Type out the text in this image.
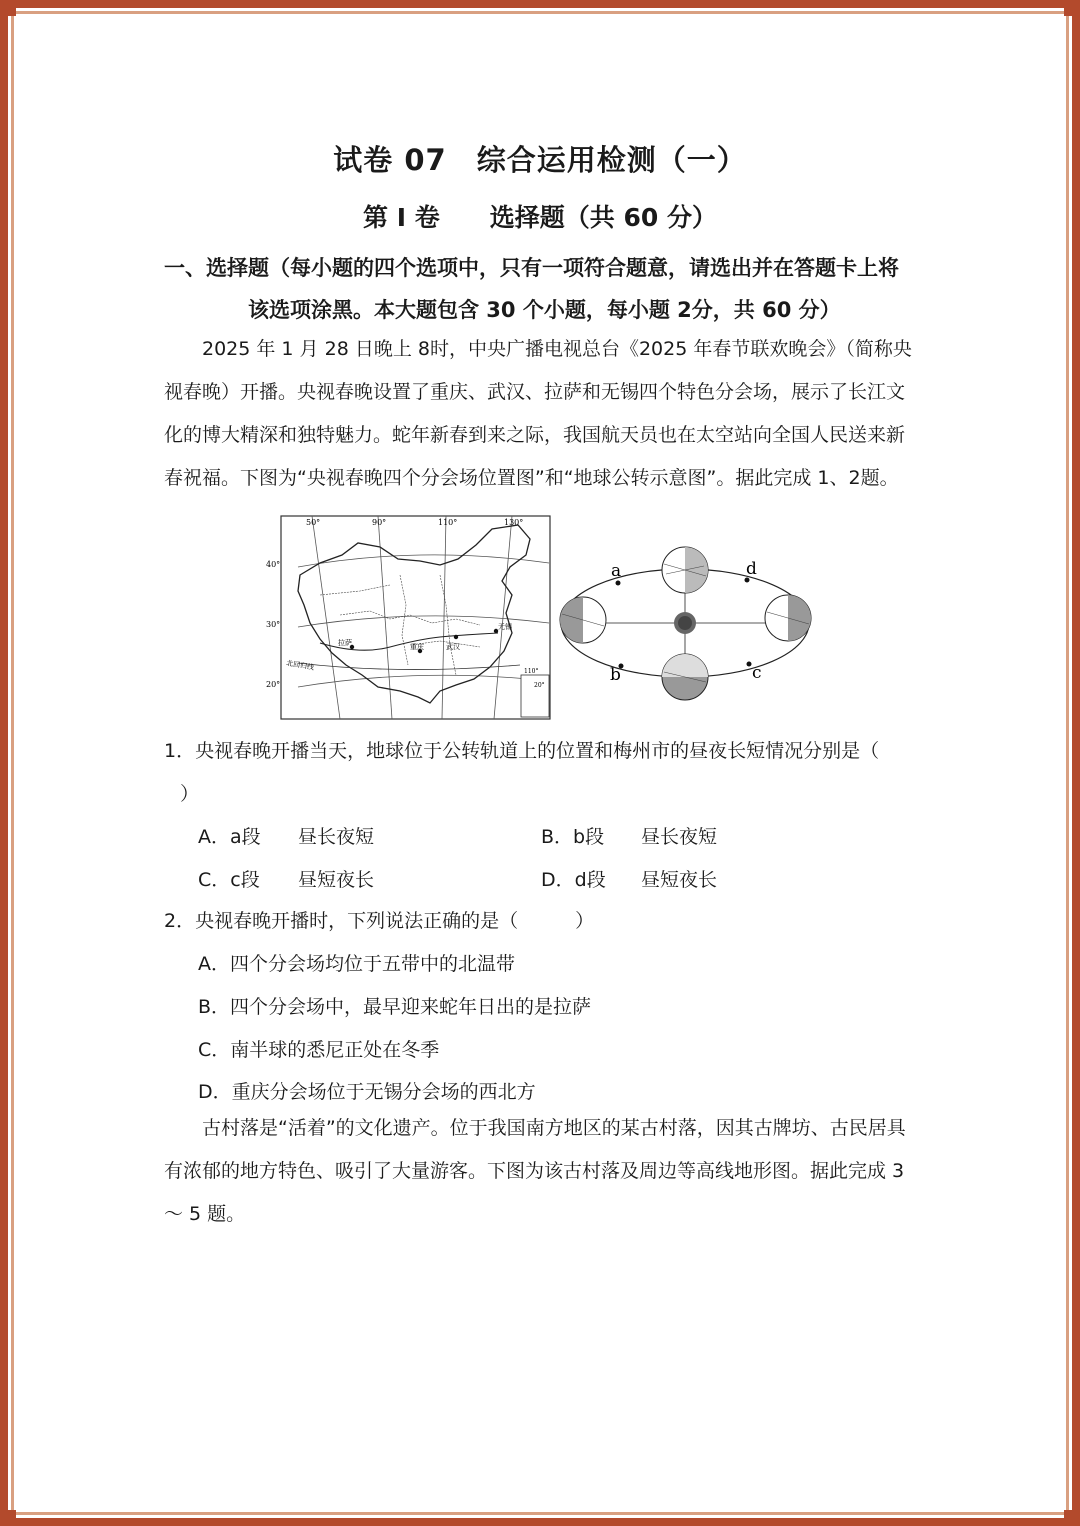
试卷 07　综合运用检测（一）
第 I 卷　　选择题（共 60 分）
一、选择题（每小题的四个选项中，只有一项符合题意，请选出并在答题卡上将
该选项涂黑。本大题包含 30 个小题，每小题 2分，共 60 分）
2025 年 1 月 28 日晚上 8时，中央广播电视总台《2025 年春节联欢晚会》（简称央视春晚）开播。央视春晚设置了重庆、武汉、拉萨和无锡四个特色分会场，展示了长江文化的博大精深和独特魅力。蛇年新春到来之际，我国航天员也在太空站向全国人民送来新春祝福。下图为“央视春晚四个分会场位置图”和“地球公转示意图”。据此完成 1、2题。
50°	90°	110°	130°
40°
30°
20°
拉萨	重庆	武汉
无锡
北回归线	110°
20°
a
b	c
d
1．央视春晚开播当天，地球位于公转轨道上的位置和梅州市的昼夜长短情况分别是（
）
A．a段 昼长夜短	B．b段 昼长夜短
C．c段 昼短夜长	D．d段 昼短夜长
2．央视春晚开播时，下列说法正确的是（　　　）
A．四个分会场均位于五带中的北温带
B．四个分会场中，最早迎来蛇年日出的是拉萨
C．南半球的悉尼正处在冬季
D．重庆分会场位于无锡分会场的西北方
古村落是“活着”的文化遗产。位于我国南方地区的某古村落，因其古牌坊、古民居具有浓郁的地方特色、吸引了大量游客。下图为该古村落及周边等高线地形图。据此完成 3～ 5 题。
